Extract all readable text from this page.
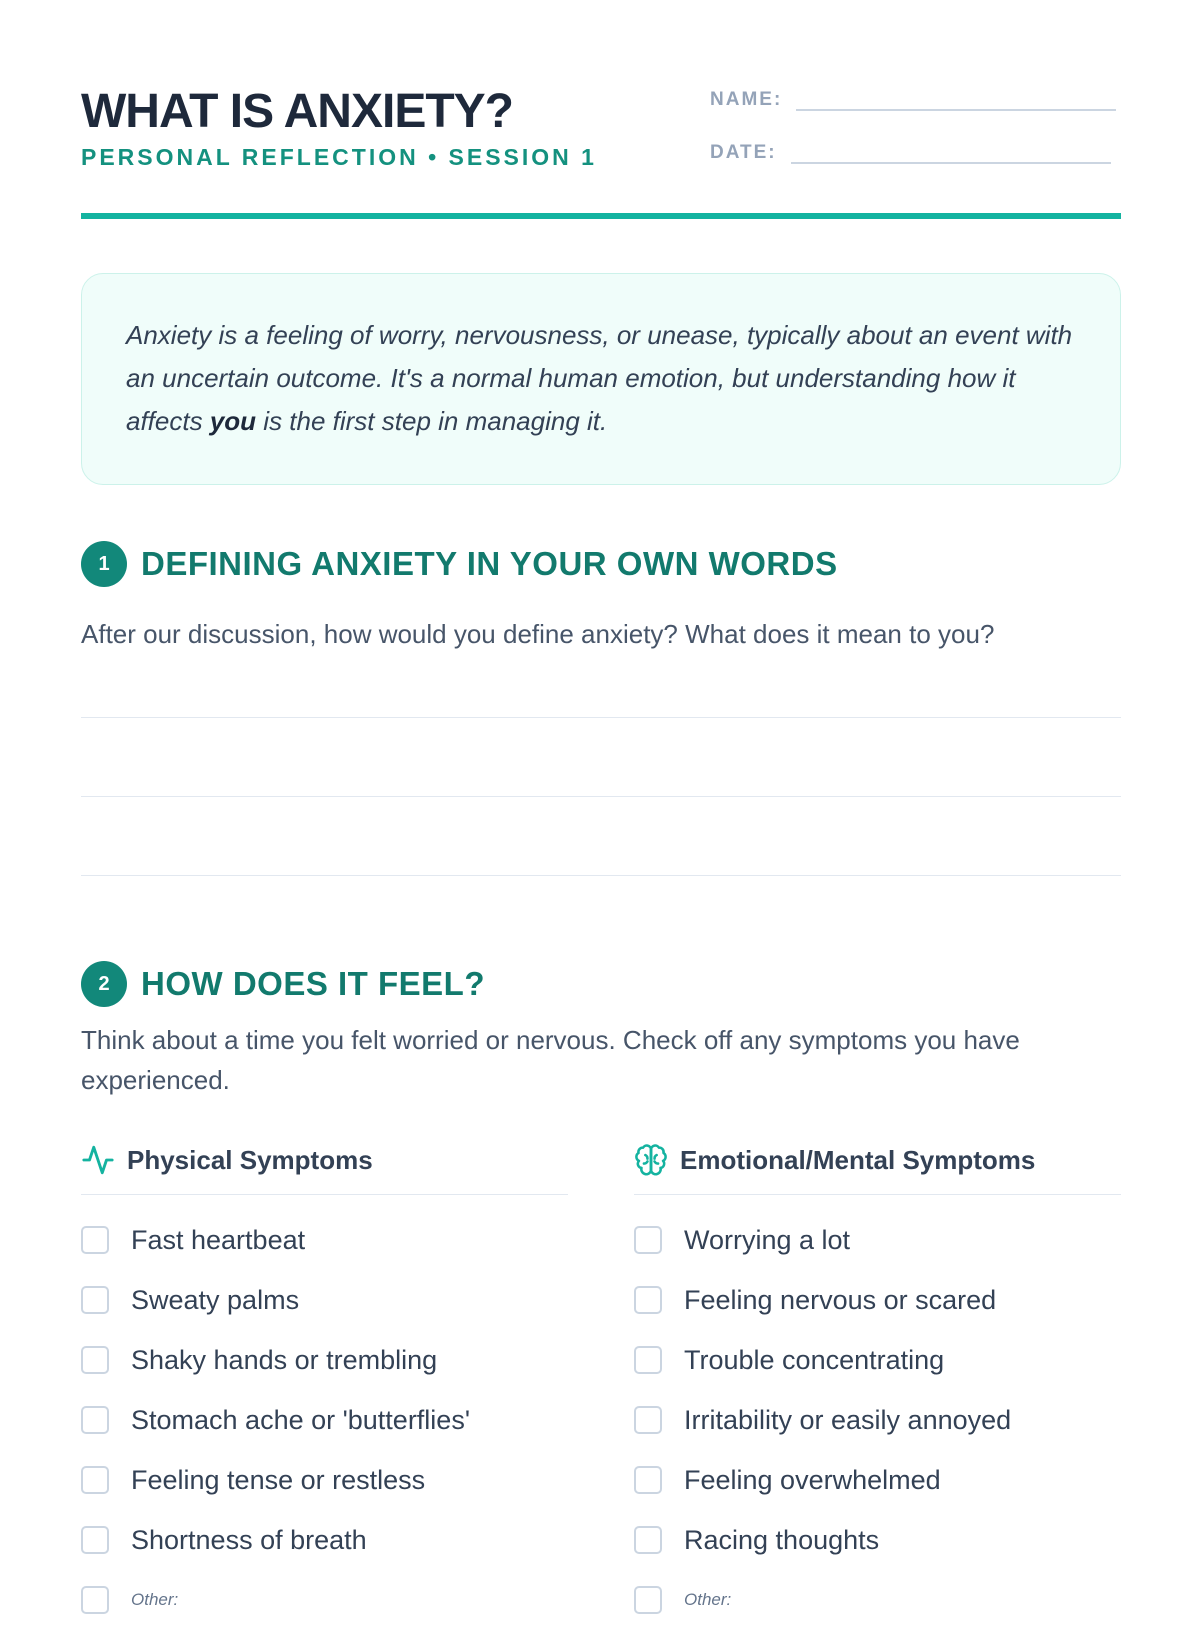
WHAT IS ANXIETY?
PERSONAL REFLECTION • SESSION 1
NAME:
DATE:
Anxiety is a feeling of worry, nervousness, or unease, typically about an event with an uncertain outcome. It's a normal human emotion, but understanding how it affects you is the first step in managing it.
1 DEFINING ANXIETY IN YOUR OWN WORDS
After our discussion, how would you define anxiety? What does it mean to you?
2 HOW DOES IT FEEL?
Think about a time you felt worried or nervous. Check off any symptoms you have experienced.
Physical Symptoms
Fast heartbeat
Sweaty palms
Shaky hands or trembling
Stomach ache or 'butterflies'
Feeling tense or restless
Shortness of breath
Other:
Emotional/Mental Symptoms
Worrying a lot
Feeling nervous or scared
Trouble concentrating
Irritability or easily annoyed
Feeling overwhelmed
Racing thoughts
Other:
